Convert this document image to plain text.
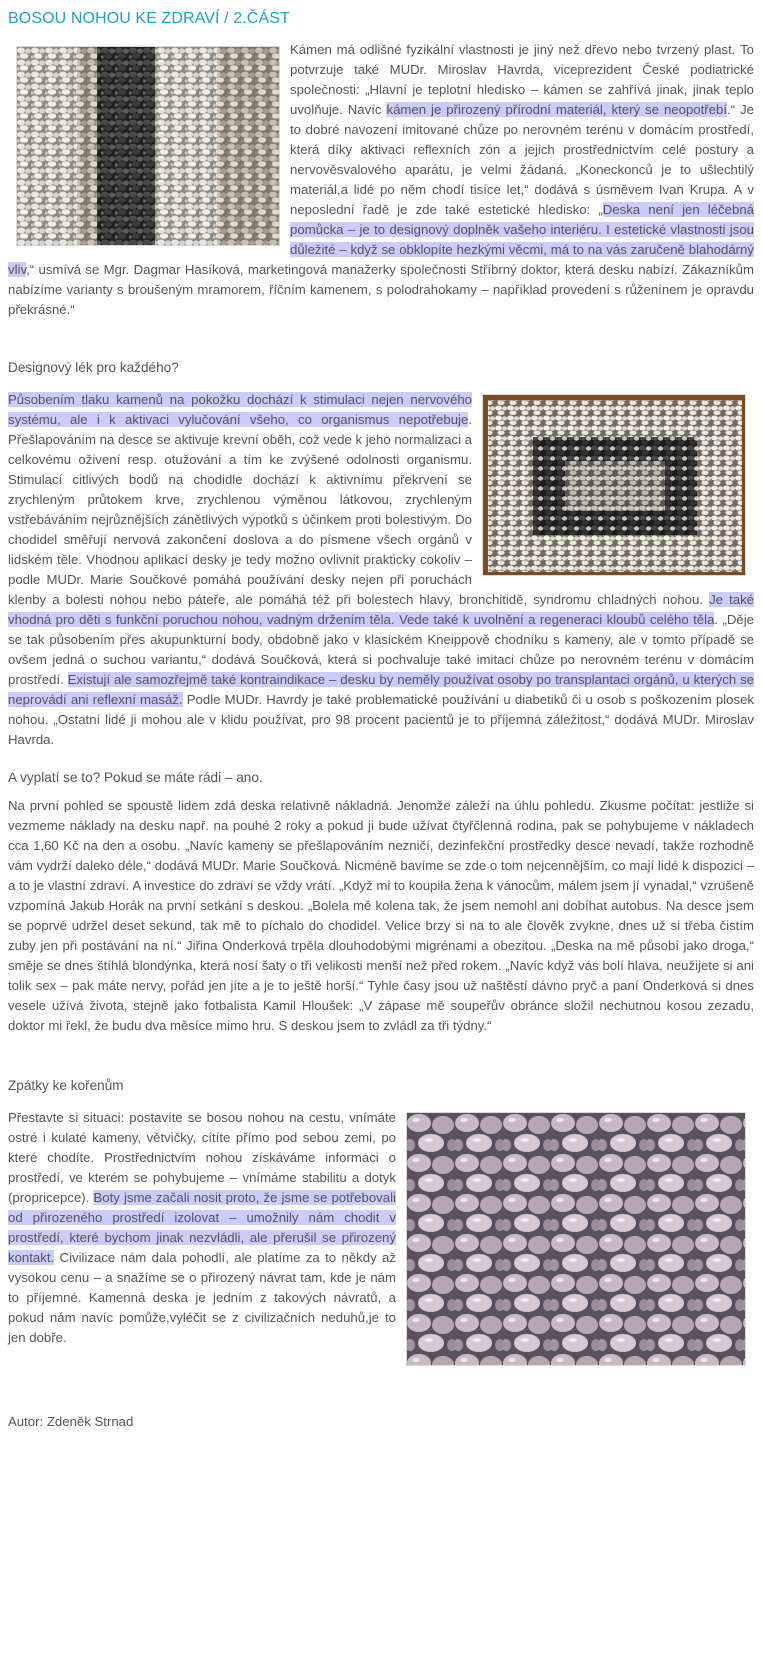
BOSOU NOHOU KE ZDRAVÍ / 2.ČÁST

Kámen má odlišné fyzikální vlastnosti je jiný než dřevo nebo tvrzený plast. To potvrzuje také MUDr. Miroslav Havrda, viceprezident České podiatrické společnosti: „Hlavní je teplotní hledisko – kámen se zahřívá jinak, jinak teplo uvolňuje. Navíc kámen je přirozený přírodní materiál, který se neopotřebí.“ Je to dobré navození imitované chůze po nerovném terénu v domácím prostředí, která díky aktivaci reflexních zón a jejich prostřednictvím celé postury a nervověsvalového aparátu, je velmi žádaná. „Koneckonců je to ušlechtilý materiál,a lidé po něm chodí tisíce let,“ dodává s úsměvem Ivan Krupa. A v neposlední řadě je zde také estetické hledisko: „Deska není jen léčebná pomůcka – je to designový doplněk vašeho interiéru. I estetické vlastnosti jsou důležité – když se obklopíte hezkými věcmi, má to na vás zaručeně blahodárný vliv,“ usmívá se Mgr. Dagmar Hasíková, marketingová manažerky společnosti Stříbrný doktor, která desku nabízí. Zákazníkům nabízíme varianty s broušeným mramorem, říčním kamenem, s polodrahokamy – například provedení s růženínem je opravdu překrásné.“

Designový lék pro každého?

Působením tlaku kamenů na pokožku dochází k stimulaci nejen nervového systému, ale i k aktivaci vylučování všeho, co organismus nepotřebuje. Přešlapováním na desce se aktivuje krevní oběh, což vede k jeho normalizaci a celkovému oživení resp. otužování a tím ke zvýšené odolnosti organismu. Stimulací citlivých bodů na chodidle dochází k aktivnímu překrvení se zrychleným průtokem krve, zrychlenou výměnou látkovou, zrychleným vstřebáváním nejrůznějších zánětlivých výpotků s účinkem proti bolestivým. Do chodidel směřují nervová zakončení doslova a do písmene všech orgánů v lidském těle. Vhodnou aplikací desky je tedy možno ovlivnit prakticky cokoliv – podle MUDr. Marie Součkové pomáhá používání desky nejen při poruchách klenby a bolesti nohou nebo páteře, ale pomáhá též při bolestech hlavy, bronchitidě, syndromu chladných nohou. Je také vhodná pro děti s funkční poruchou nohou, vadným držením těla. Vede také k uvolnění a regeneraci kloubů celého těla. „Děje se tak působením přes akupunkturní body, obdobně jako v klasickém Kneippově chodníku s kameny, ale v tomto případě se ovšem jedná o suchou variantu,“ dodává Součková, která si pochvaluje také imitaci chůze po nerovném terénu v domácím prostředí. Existují ale samozřejmě také kontraindikace – desku by neměly používat osoby po transplantaci orgánů, u kterých se neprovádí ani reflexní masáž. Podle MUDr. Havrdy je také problematické používání u diabetiků či u osob s poškozením plosek nohou. „Ostatní lidé ji mohou ale v klidu používat, pro 98 procent pacientů je to příjemná záležitost,“ dodává MUDr. Miroslav Havrda.

A vyplatí se to? Pokud se máte rádi – ano.

Na první pohled se spoustě lidem zdá deska relativně nákladná. Jenomže záleží na úhlu pohledu. Zkusme počítat: jestliže si vezmeme náklady na desku např. na pouhé 2 roky a pokud ji bude užívat čtyřčlenná rodina, pak se pohybujeme v nákladech cca 1,60 Kč na den a osobu. „Navíc kameny se přešlapováním nezničí, dezinfekční prostředky desce nevadí, takže rozhodně vám vydrží daleko déle,“ dodává MUDr. Marie Součková. Nicméně bavíme se zde o tom nejcennějším, co mají lidé k dispozici – a to je vlastní zdraví. A investice do zdraví se vždy vrátí. „Když mi to koupila žena k vánocům, málem jsem jí vynadal,“ vzrušeně vzpomíná Jakub Horák na první setkání s deskou. „Bolela mě kolena tak, že jsem nemohl ani dobíhat autobus. Na desce jsem se poprvé udržel deset sekund, tak mě to píchalo do chodidel. Velice brzy si na to ale člověk zvykne, dnes už si třeba čistím zuby jen při postávání na ní.“ Jiřina Onderková trpěla dlouhodobými migrénami a obezitou. „Deska na mě působí jako droga,“ směje se dnes štíhlá blondýnka, která nosí šaty o tři velikosti menší než před rokem. „Navíc když vás bolí hlava, neužijete si ani tolik sex – pak máte nervy, pořád jen jíte a je to ještě horší.“ Tyhle časy jsou už naštěstí dávno pryč a paní Onderková si dnes vesele užívá života, stejně jako fotbalista Kamil Hloušek: „V zápase mě soupeřův obránce složil nechutnou kosou zezadu, doktor mi řekl, že budu dva měsíce mimo hru. S deskou jsem to zvládl za tři týdny.“

Zpátky ke kořenům

Přestavte si situaci: postavíte se bosou nohou na cestu, vnímáte ostré i kulaté kameny, větvičky, cítíte přímo pod sebou zemi, po které chodíte. Prostřednictvím nohou získáváme informaci o prostředí, ve kterém se pohybujeme – vnímáme stabilitu a dotyk (propricepce). Boty jsme začali nosit proto, že jsme se potřebovali od přirozeného prostředí izolovat – umožnily nám chodit v prostředí, které bychom jinak nezvládli, ale přerušil se přirozený kontakt. Civilizace nám dala pohodlí, ale platíme za to někdy až vysokou cenu – a snažíme se o přirozený návrat tam, kde je nám to příjemné. Kamenná deska je jedním z takových návratů, a pokud nám navíc pomůže,vyléčit se z civilizačních neduhů,je to jen dobře.

Autor: Zdeněk Strnad
